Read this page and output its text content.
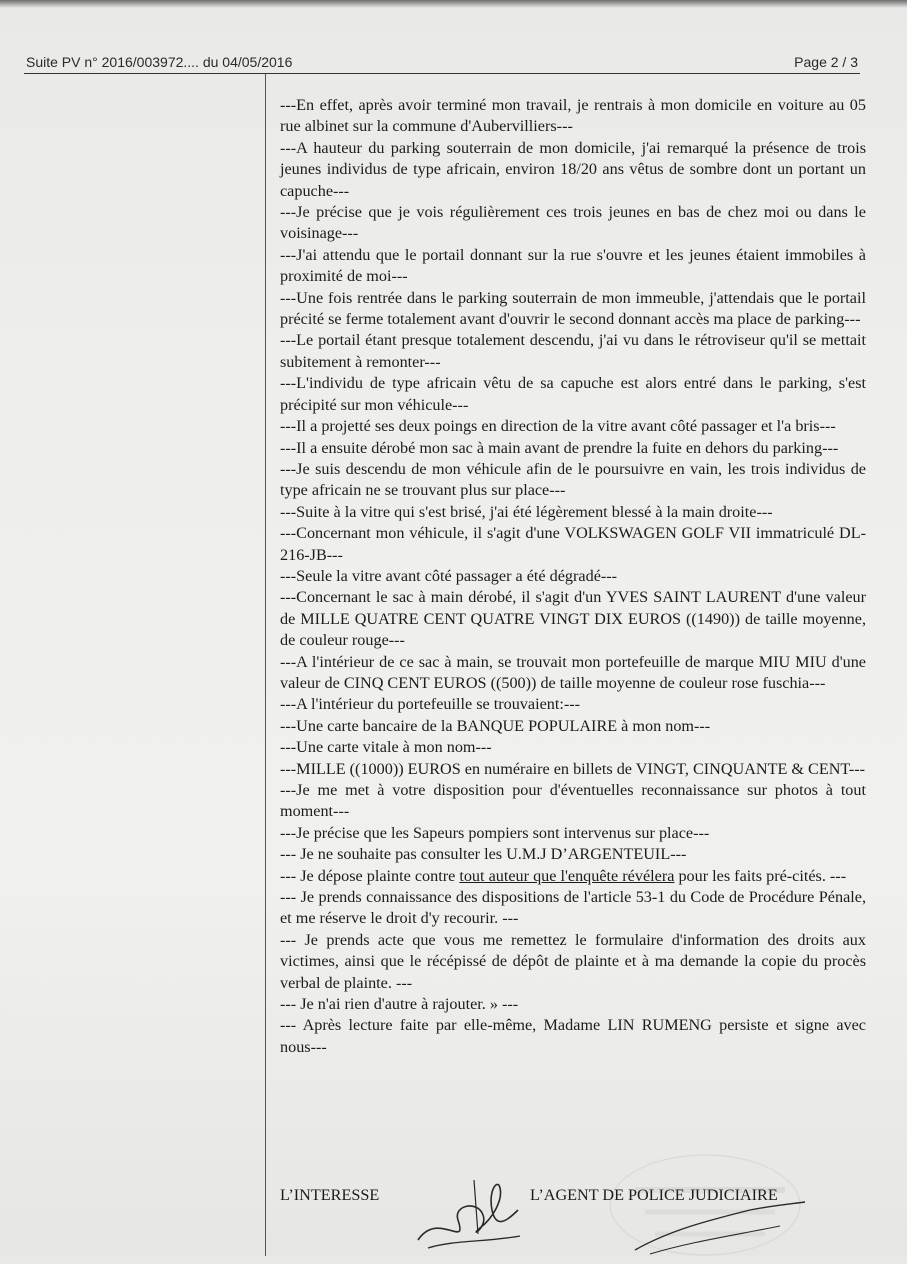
Suite PV n° 2016/003972.... du 04/05/2016	Page 2 / 3

---En effet, après avoir terminé mon travail, je rentrais à mon domicile en voiture au 05 rue albinet sur la commune d'Aubervilliers---

---A hauteur du parking souterrain de mon domicile, j'ai remarqué la présence de trois jeunes individus de type africain, environ 18/20 ans vêtus de sombre dont un portant un capuche---

---Je précise que je vois régulièrement ces trois jeunes en bas de chez moi ou dans le voisinage---

---J'ai attendu que le portail donnant sur la rue s'ouvre et les jeunes étaient immobiles à proximité de moi---

---Une fois rentrée dans le parking souterrain de mon immeuble, j'attendais que le portail précité se ferme totalement avant d'ouvrir le second donnant accès ma place de parking---

---Le portail étant presque totalement descendu, j'ai vu dans le rétroviseur qu'il se mettait subitement à remonter---

---L'individu de type africain vêtu de sa capuche est alors entré dans le parking, s'est précipité sur mon véhicule---

---Il a projetté ses deux poings en direction de la vitre avant côté passager et l'a bris---

---Il a ensuite dérobé mon sac à main avant de prendre la fuite en dehors du parking---

---Je suis descendu de mon véhicule afin de le poursuivre en vain, les trois individus de type africain ne se trouvant plus sur place---

---Suite à la vitre qui s'est brisé, j'ai été légèrement blessé à la main droite---

---Concernant mon véhicule, il s'agit d'une VOLKSWAGEN GOLF VII immatriculé DL-216-JB---

---Seule la vitre avant côté passager a été dégradé---

---Concernant le sac à main dérobé, il s'agit d'un YVES SAINT LAURENT d'une valeur de MILLE QUATRE CENT QUATRE VINGT DIX EUROS ((1490)) de taille moyenne, de couleur rouge---

---A l'intérieur de ce sac à main, se trouvait mon portefeuille de marque MIU MIU d'une valeur de CINQ CENT EUROS ((500)) de taille moyenne de couleur rose fuschia---

---A l'intérieur du portefeuille se trouvaient:---

---Une carte bancaire de la BANQUE POPULAIRE à mon nom---

---Une carte vitale à mon nom---

---MILLE ((1000)) EUROS en numéraire en billets de VINGT, CINQUANTE & CENT---

---Je me met à votre disposition pour d'éventuelles reconnaissance sur photos à tout moment---

---Je précise que les Sapeurs pompiers sont intervenus sur place---

--- Je ne souhaite pas consulter les U.M.J D’ARGENTEUIL---

--- Je dépose plainte contre tout auteur que l'enquête révélera pour les faits pré-cités. ---

--- Je prends connaissance des dispositions de l'article 53-1 du Code de Procédure Pénale, et me réserve le droit d'y recourir. ---

--- Je prends acte que vous me remettez le formulaire d'information des droits aux victimes, ainsi que le récépissé de dépôt de plainte et à ma demande la copie du procès verbal de plainte. ---

--- Je n'ai rien d'autre à rajouter. » ---

--- Après lecture faite par elle-même, Madame LIN RUMENG persiste et signe avec nous---

L’INTERESSE	L’AGENT DE POLICE JUDICIAIRE
